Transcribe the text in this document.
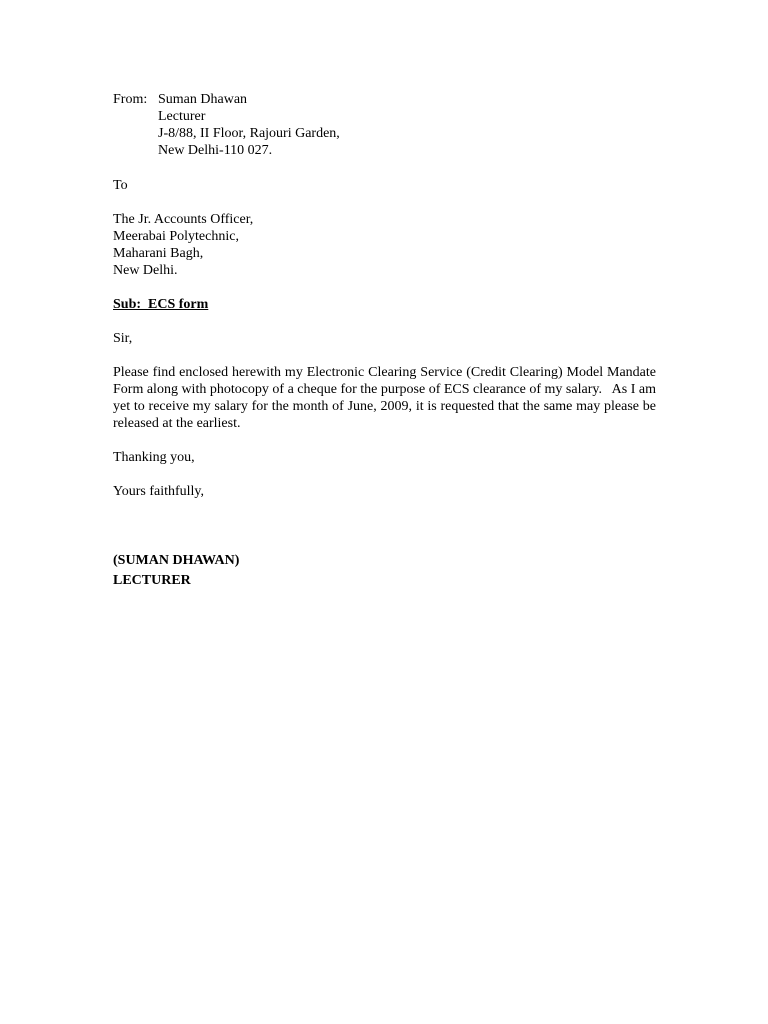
From: Suman Dhawan
Lecturer
J-8/88, II Floor, Rajouri Garden,
New Delhi-110 027.
To
The Jr. Accounts Officer,
Meerabai Polytechnic,
Maharani Bagh,
New Delhi.
Sub:  ECS form
Sir,
Please find enclosed herewith my Electronic Clearing Service (Credit Clearing) Model Mandate Form along with photocopy of a cheque for the purpose of ECS clearance of my salary.   As I am yet to receive my salary for the month of June, 2009, it is requested that the same may please be released at the earliest.
Thanking you,
Yours faithfully,
(SUMAN DHAWAN)
LECTURER
